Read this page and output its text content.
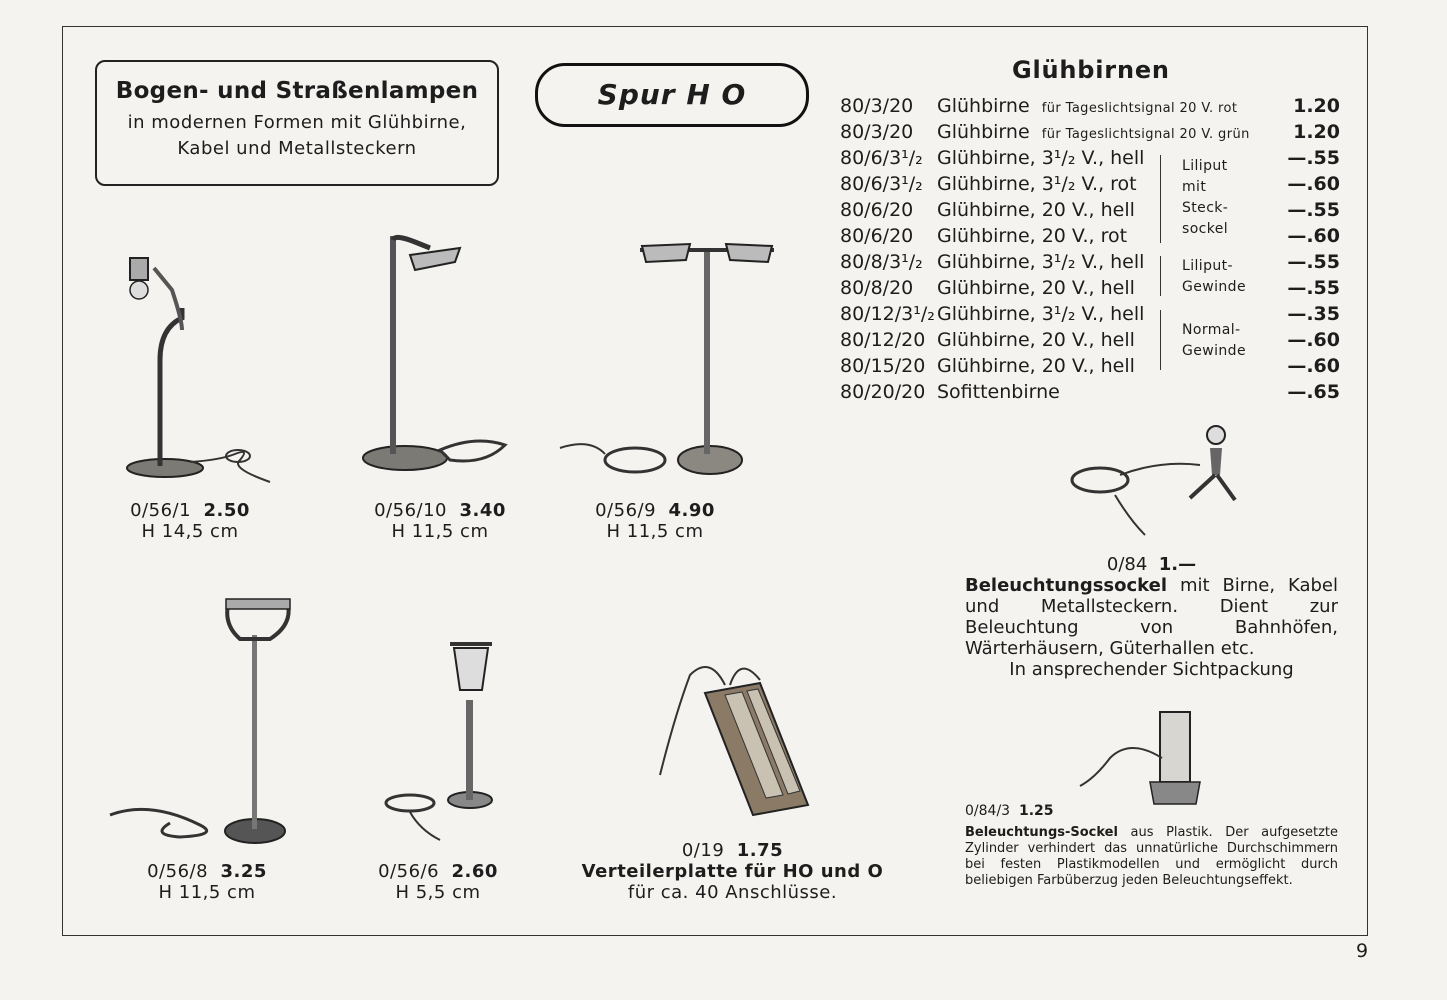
Bogen- und Straßenlampen
in modernen Formen mit Glühbirne,
Kabel und Metallsteckern
Spur H O
Glühbirnen
80/3/20 Glühbirne für Tageslichtsignal 20 V. rot	1.20
80/3/20 Glühbirne für Tageslichtsignal 20 V. grün	1.20
80/6/3¹/₂ Glühbirne, 3¹/₂ V., hell	—.55
80/6/3¹/₂ Glühbirne, 3¹/₂ V., rot	—.60
80/6/20 Glühbirne, 20 V., hell	—.55
80/6/20 Glühbirne, 20 V., rot	—.60
80/8/3¹/₂ Glühbirne, 3¹/₂ V., hell	—.55
80/8/20 Glühbirne, 20 V., hell	—.55
80/12/3¹/₂ Glühbirne, 3¹/₂ V., hell	—.35
80/12/20 Glühbirne, 20 V., hell	—.60
80/15/20 Glühbirne, 20 V., hell	—.60
80/20/20 Sofittenbirne	—.65
Liliput
mit
Steck-
sockel
Liliput-
Gewinde
Normal-
Gewinde
0/56/1 2.50
H 14,5 cm
0/56/10 3.40
H 11,5 cm
0/56/9 4.90
H 11,5 cm
0/56/8 3.25
H 11,5 cm
0/56/6 2.60
H 5,5 cm
0/19 1.75
Verteilerplatte für HO und O
für ca. 40 Anschlüsse.
0/84 1.—
Beleuchtungssockel mit Birne, Kabel und Metallsteckern. Dient zur Beleuchtung von Bahnhöfen, Wärterhäusern, Güterhallen etc.
In ansprechender Sichtpackung
0/84/3 1.25
Beleuchtungs-Sockel aus Plastik. Der aufgesetzte Zylinder verhindert das unnatürliche Durchschimmern bei festen Plastikmodellen und ermöglicht durch beliebigen Farbüberzug jeden Beleuchtungseffekt.
9
